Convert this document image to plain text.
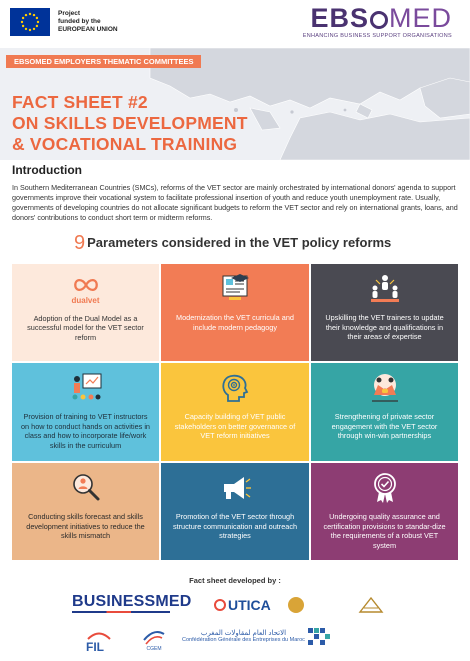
Project
funded by the
EUROPEAN UNION	EBS MED
ENHANCING BUSINESS SUPPORT ORGANISATIONS
EBSOMED EMPLOYERS THEMATIC COMMITTEES
FACT SHEET #2
ON SKILLS DEVELOPMENT
& VOCATIONAL TRAINING
Introduction
In Southern Mediterranean Countries (SMCs), reforms of the VET sector are mainly orchestrated by international donors' agenda to support governments improve their vocational system to facilitate professional insertion of youth and reduce youth unemployment rate. Usually, governments of developing countries do not allocate significant budgets to reform the VET sector and rely on international grants, loans, and donors' contributions to conduct short term or midterm reforms.
9 Parameters considered in the VET policy reforms
dualvet

Adoption of the Dual Model as a successful model for the VET sector reform

Modernization the VET curricula and include modern pedagogy

Upskilling the VET trainers to update their knowledge and qualifications in their areas of expertise

Provision of training to VET instructors on how to conduct hands on activities in class and how to incorporate life/work skills in the curriculum

Capacity building of VET public stakeholders on better governance of VET reform initiatives

Strengthening of private sector engagement with the VET sector through win-win partnerships

Conducting skills forecast and skills development initiatives to reduce the skills mismatch

Promotion of the VET sector through structure communication and outreach strategies

Undergoing quality assurance and certification provisions to standar-dize the requirements of a robust VET system

Fact sheet developed by :
BUSINESSMED	UTICA
FIL	CGEM
الاتحاد العام لمقاولات المغرب
Confédération Générale des Entreprises du Maroc
